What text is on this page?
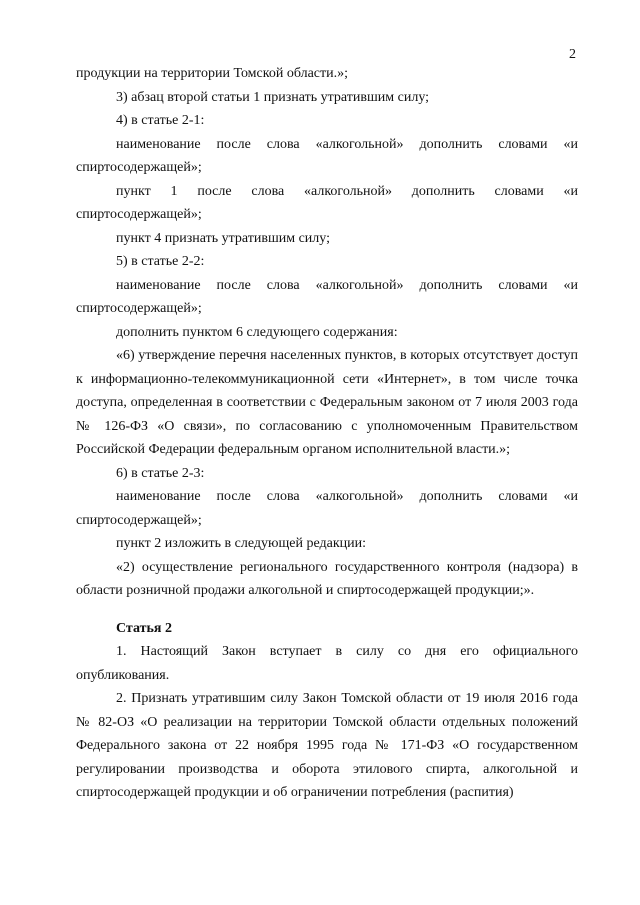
2

продукции на территории Томской области.»;

3) абзац второй статьи 1 признать утратившим силу;

4) в статье 2-1:

наименование после слова «алкогольной» дополнить словами «и спиртосодержащей»;

пункт 1 после слова «алкогольной» дополнить словами «и спиртосодержащей»;

пункт 4 признать утратившим силу;

5) в статье 2-2:

наименование после слова «алкогольной» дополнить словами «и спиртосодержащей»;

дополнить пунктом 6 следующего содержания:

«6) утверждение перечня населенных пунктов, в которых отсутствует доступ к информационно-телекоммуникационной сети «Интернет», в том числе точка доступа, определенная в соответствии с Федеральным законом от 7 июля 2003 года № 126-ФЗ «О связи», по согласованию с уполномоченным Правительством Российской Федерации федеральным органом исполнительной власти.»;

6) в статье 2-3:

наименование после слова «алкогольной» дополнить словами «и спиртосодержащей»;

пункт 2 изложить в следующей редакции:

«2) осуществление регионального государственного контроля (надзора) в области розничной продажи алкогольной и спиртосодержащей продукции;».

Статья 2

1. Настоящий Закон вступает в силу со дня его официального опубликования.

2. Признать утратившим силу Закон Томской области от 19 июля 2016 года № 82-ОЗ «О реализации на территории Томской области отдельных положений Федерального закона от 22 ноября 1995 года № 171-ФЗ «О государственном регулировании производства и оборота этилового спирта, алкогольной и спиртосодержащей продукции и об ограничении потребления (распития)
